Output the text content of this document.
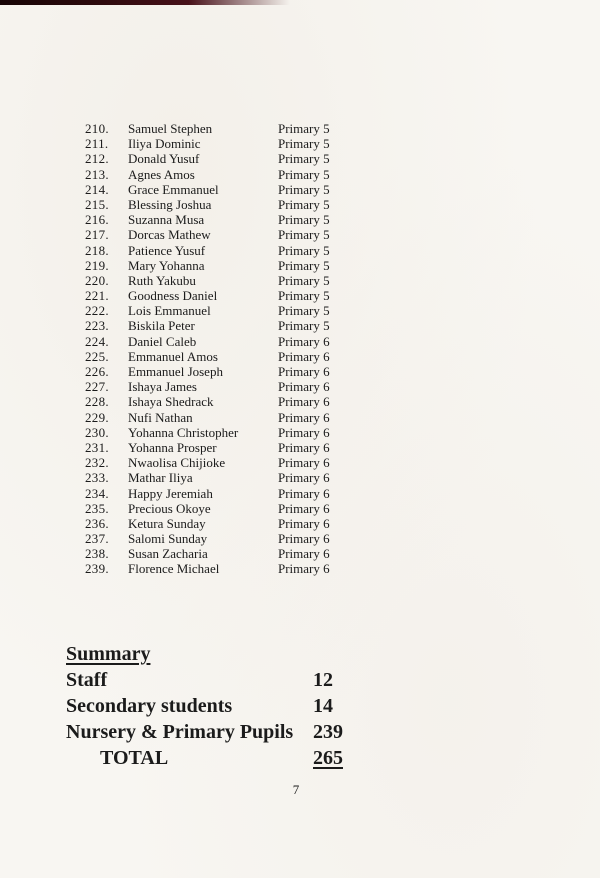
210.	Samuel Stephen	Primary 5
211.	Iliya Dominic	Primary 5
212.	Donald Yusuf	Primary 5
213.	Agnes Amos	Primary 5
214.	Grace Emmanuel	Primary 5
215.	Blessing Joshua	Primary 5
216.	Suzanna Musa	Primary 5
217.	Dorcas Mathew	Primary 5
218.	Patience Yusuf	Primary 5
219.	Mary Yohanna	Primary 5
220.	Ruth Yakubu	Primary 5
221.	Goodness Daniel	Primary 5
222.	Lois Emmanuel	Primary 5
223.	Biskila Peter	Primary 5
224.	Daniel Caleb	Primary 6
225.	Emmanuel Amos	Primary 6
226.	Emmanuel Joseph	Primary 6
227.	Ishaya James	Primary 6
228.	Ishaya Shedrack	Primary 6
229.	Nufi Nathan	Primary 6
230.	Yohanna Christopher	Primary 6
231.	Yohanna Prosper	Primary 6
232.	Nwaolisa Chijioke	Primary 6
233.	Mathar Iliya	Primary 6
234.	Happy Jeremiah	Primary 6
235.	Precious Okoye	Primary 6
236.	Ketura Sunday	Primary 6
237.	Salomi Sunday	Primary 6
238.	Susan Zacharia	Primary 6
239.	Florence Michael	Primary 6
Summary
Staff	12
Secondary students	14
Nursery & Primary Pupils 239
TOTAL	265
7
